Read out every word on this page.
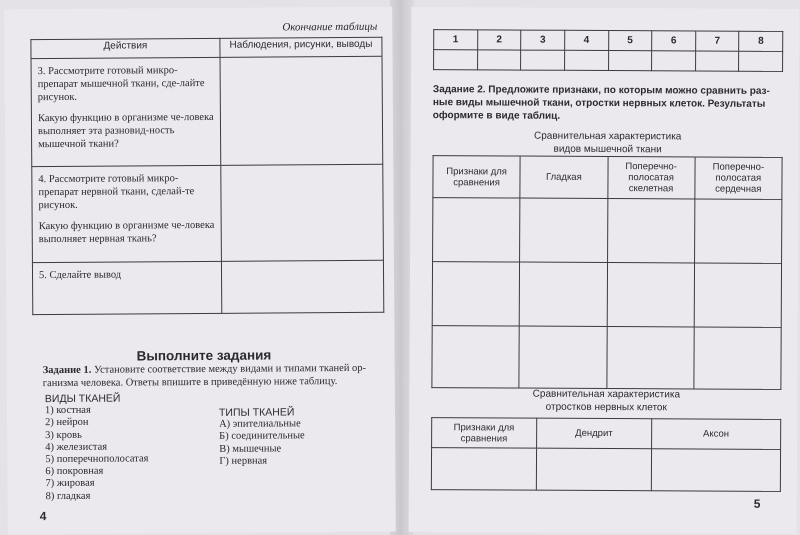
Окончание таблицы
Действия	Наблюдения, рисунки, выводы

3. Рассмотрите готовый микро-препарат мышечной ткани, сде-лайте рисунок.

Какую функцию в организме че-ловека выполняет эта разновид-ность мышечной ткани?	

4. Рассмотрите готовый микро-препарат нервной ткани, сделай-те рисунок.

Какую функцию в организме че-ловека выполняет нервная ткань?	

5. Сделайте вывод	

Выполните задания
Задание 1. Установите соответствие между видами и типами тканей ор-ганизма человека. Ответы впишите в приведённую ниже таблицу.
ВИДЫ ТКАНЕЙ
1) костная
2) нейрон
3) кровь
4) железистая
5) поперечнополосатая
6) покровная
7) жировая
8) гладкая
ТИПЫ ТКАНЕЙ
А) эпителиальные
Б) соединительные
В) мышечные
Г) нервная
4
1	2	3	4	5	6	7	8

Задание 2. Предложите признаки, по которым можно сравнить раз-ные виды мышечной ткани, отростки нервных клеток. Результаты оформите в виде таблиц.
Сравнительная характеристика
видов мышечной ткани
Признаки для сравнения	Гладкая	Поперечно-полосатая скелетная	Поперечно-полосатая сердечная

Сравнительная характеристика
отростков нервных клеток
Признаки для сравнения	Дендрит	Аксон

5
